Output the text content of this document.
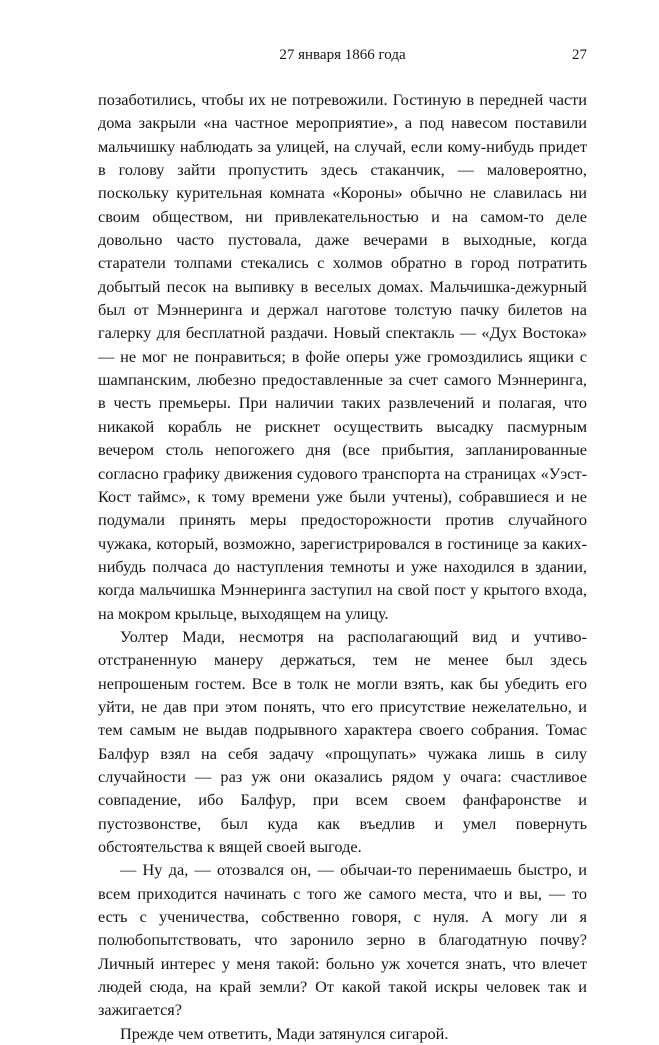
27 января 1866 года	27

позаботились, чтобы их не потревожили. Гостиную в передней части дома закрыли «на частное мероприятие», а под навесом поставили мальчишку наблюдать за улицей, на случай, если кому-нибудь придет в голову зайти пропустить здесь стаканчик, — маловероятно, поскольку курительная комната «Короны» обычно не славилась ни своим обществом, ни привлекательностью и на самом-то деле довольно часто пустовала, даже вечерами в выходные, когда старатели толпами стекались с холмов обратно в город потратить добытый песок на выпивку в веселых домах. Мальчишка-дежурный был от Мэннеринга и держал наготове толстую пачку билетов на галерку для бесплатной раздачи. Новый спектакль — «Дух Востока» — не мог не понравиться; в фойе оперы уже громоздились ящики с шампанским, любезно предоставленные за счет самого Мэннеринга, в честь премьеры. При наличии таких развлечений и полагая, что никакой корабль не рискнет осуществить высадку пасмурным вечером столь непогожего дня (все прибытия, запланированные согласно графику движения судового транспорта на страницах «Уэст-Кост таймс», к тому времени уже были учтены), собравшиеся и не подумали принять меры предосторожности против случайного чужака, который, возможно, зарегистрировался в гостинице за каких-нибудь полчаса до наступления темноты и уже находился в здании, когда мальчишка Мэннеринга заступил на свой пост у крытого входа, на мокром крыльце, выходящем на улицу.

Уолтер Мади, несмотря на располагающий вид и учтиво-отстраненную манеру держаться, тем не менее был здесь непрошеным гостем. Все в толк не могли взять, как бы убедить его уйти, не дав при этом понять, что его присутствие нежелательно, и тем самым не выдав подрывного характера своего собрания. Томас Балфур взял на себя задачу «прощупать» чужака лишь в силу случайности — раз уж они оказались рядом у очага: счастливое совпадение, ибо Балфур, при всем своем фанфаронстве и пустозвонстве, был куда как въедлив и умел повернуть обстоятельства к вящей своей выгоде.

— Ну да, — отозвался он, — обычаи-то перенимаешь быстро, и всем приходится начинать с того же самого места, что и вы, — то есть с ученичества, собственно говоря, с нуля. А могу ли я полюбопытствовать, что заронило зерно в благодатную почву? Личный интерес у меня такой: больно уж хочется знать, что влечет людей сюда, на край земли? От какой такой искры человек так и зажигается?

Прежде чем ответить, Мади затянулся сигарой.
